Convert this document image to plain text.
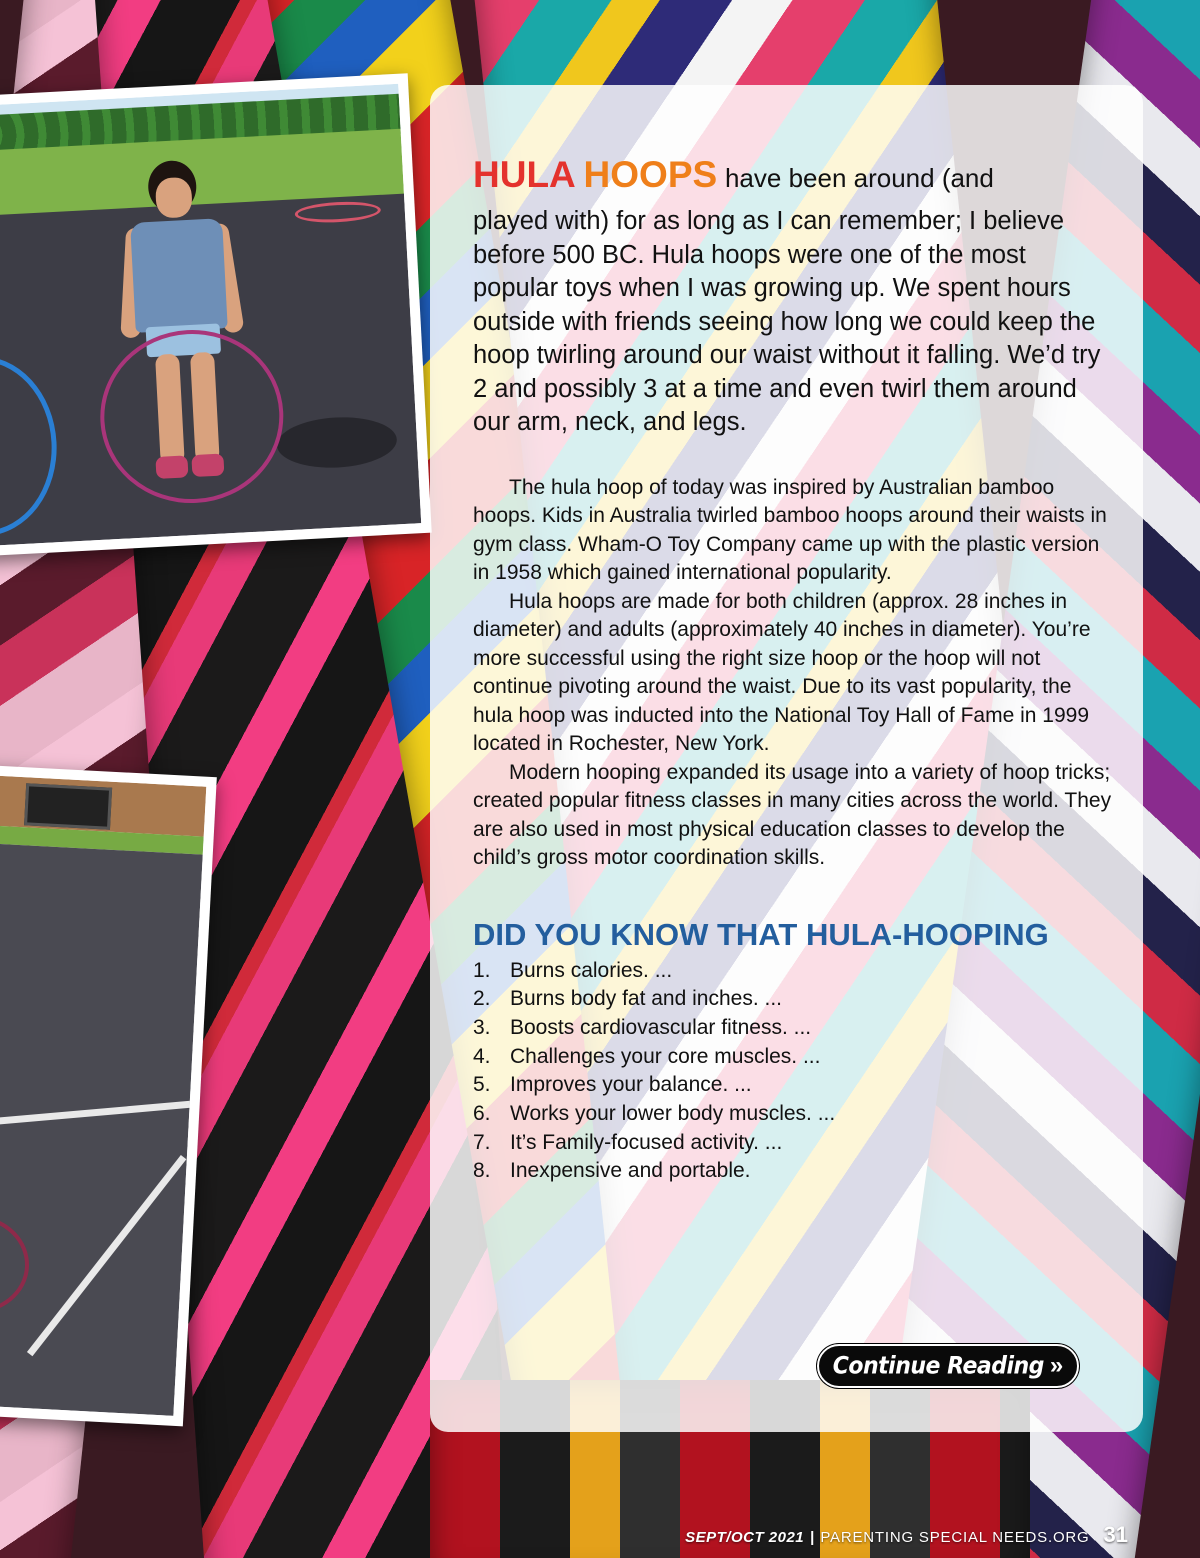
HULA HOOPS have been around (and

played with) for as long as I can remember; I believe before 500 BC. Hula hoops were one of the most popular toys when I was growing up. We spent hours outside with friends seeing how long we could keep the hoop twirling around our waist without it falling. We’d try 2 and possibly 3 at a time and even twirl them around our arm, neck, and legs.

The hula hoop of today was inspired by Australian bamboo hoops. Kids in Australia twirled bamboo hoops around their waists in gym class. Wham-O Toy Company came up with the plastic version in 1958 which gained international popularity.

Hula hoops are made for both children (approx. 28 inches in diameter) and adults (approximately 40 inches in diameter). You’re more successful using the right size hoop or the hoop will not continue pivoting around the waist. Due to its vast popularity, the hula hoop was inducted into the National Toy Hall of Fame in 1999 located in Rochester, New York.

Modern hooping expanded its usage into a variety of hoop tricks; created popular fitness classes in many cities across the world. They are also used in most physical education classes to develop the child’s gross motor coordination skills.

DID YOU KNOW THAT HULA-HOOPING
1. Burns calories. ...
2. Burns body fat and inches. ...
3. Boosts cardiovascular fitness. ...
4. Challenges your core muscles. ...
5. Improves your balance. ...
6. Works your lower body muscles. ...
7. It’s Family-focused activity. ...
8. Inexpensive and portable.
Continue Reading »
SEPT/OCT 2021 | PARENTING SPECIAL NEEDS.ORG 31
